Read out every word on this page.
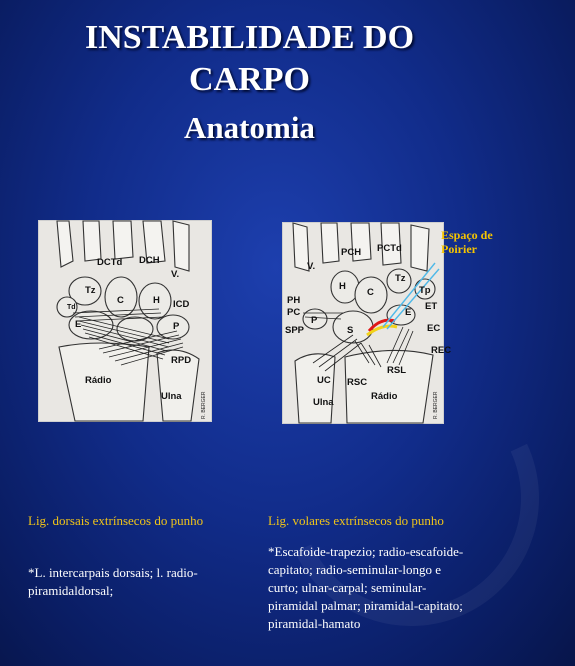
INSTABILIDADE DO
CARPO
Anatomia
DCTd DCH
V.
Tz
Td
C	H ICD
E	P
RPD
Rádio
Ulna	R. BERGER
PCH PCTd
V.
Tz
Tp
H
C
PH
PC
ET
P
SPP	S
E
EC
REC
UC RSC
RSL
Ulna
Rádio	R. BERGER
Espaço de Poirier

Lig. dorsais extrínsecos do punho

*L. intercarpais dorsais; l. radio-piramidaldorsal;

Lig. volares extrínsecos do punho

*Escafoide-trapezio; radio-escafoide-capitato; radio-seminular-longo e curto; ulnar-carpal; seminular-piramidal palmar; piramidal-capitato; piramidal-hamato
